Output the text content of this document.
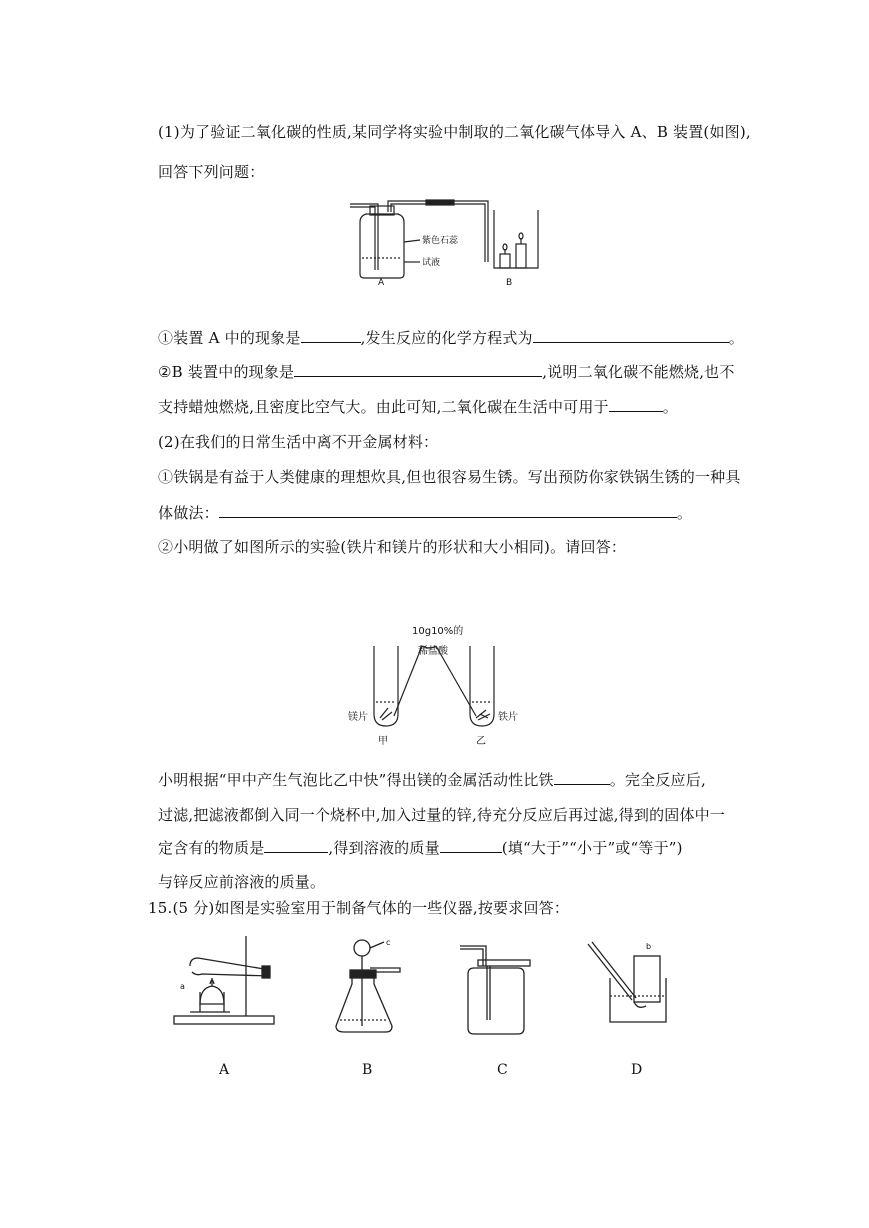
(1)为了验证二氧化碳的性质,某同学将实验中制取的二氧化碳气体导入 A、B 装置(如图),
回答下列问题：
紫色石蕊
试液
A	B
①装置 A 中的现象是	,发生反应的化学方程式为	。
②B 装置中的现象是	,说明二氧化碳不能燃烧,也不
支持蜡烛燃烧,且密度比空气大。由此可知,二氧化碳在生活中可用于	。
(2)在我们的日常生活中离不开金属材料：
①铁锅是有益于人类健康的理想炊具,但也很容易生锈。写出预防你家铁锅生锈的一种具
体做法：	。
②小明做了如图所示的实验(铁片和镁片的形状和大小相同)。请回答：
10g10%的
稀盐酸
镁片	铁片
甲	乙
小明根据“甲中产生气泡比乙中快”得出镁的金属活动性比铁	。完全反应后,
过滤,把滤液都倒入同一个烧杯中,加入过量的锌,待充分反应后再过滤,得到的固体中一
定含有的物质是	,得到溶液的质量	(填“大于”“小于”或“等于”)
与锌反应前溶液的质量。
15.(5 分)如图是实验室用于制备气体的一些仪器,按要求回答：
a
c	b
A	B	C	D
